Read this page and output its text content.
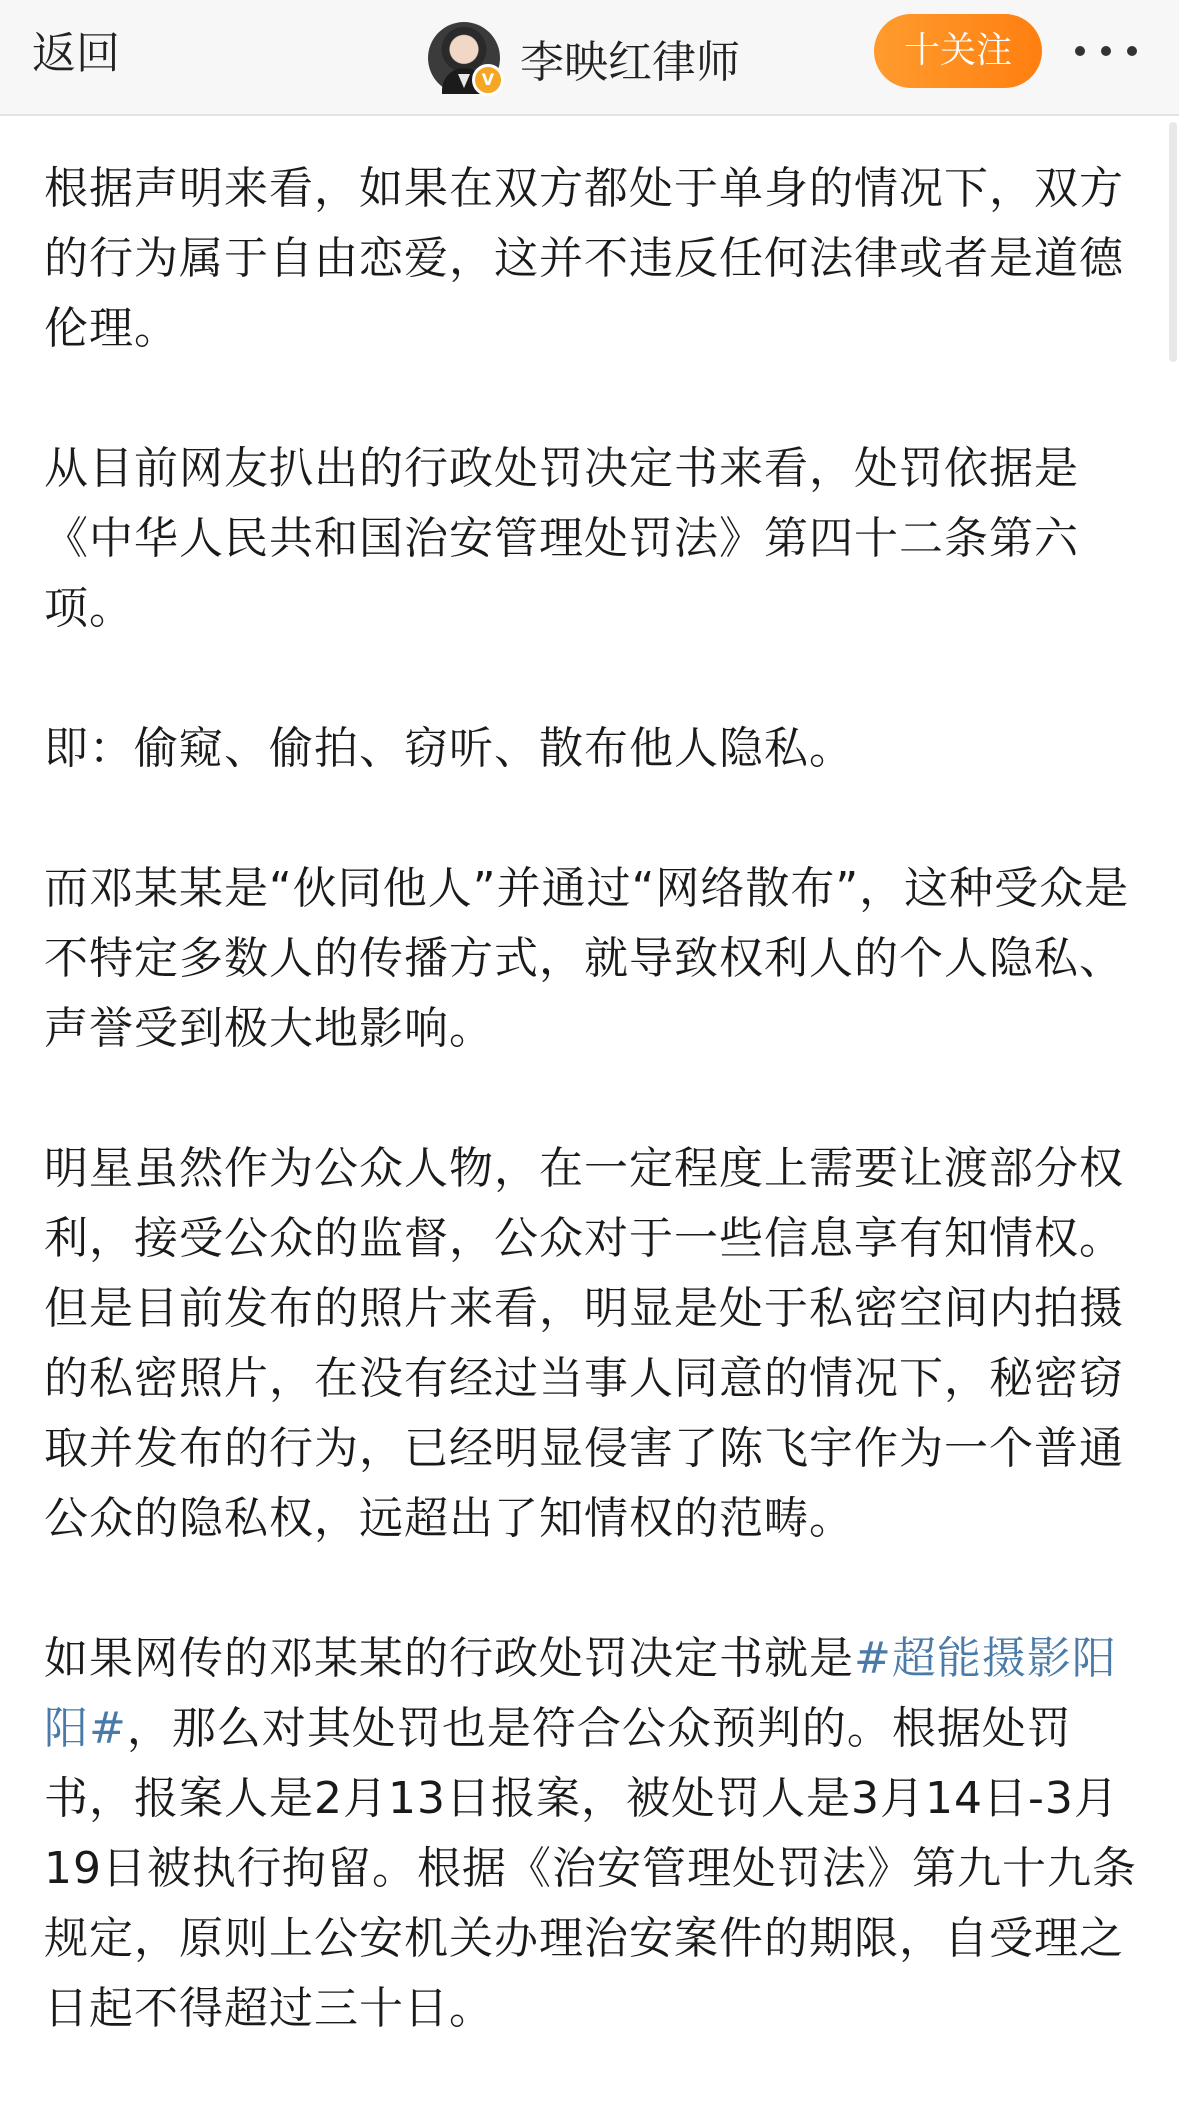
返回
V 李映红律师	十关注

根据声明来看，如果在双方都处于单身的情况下，双方的行为属于自由恋爱，这并不违反任何法律或者是道德伦理。

从目前网友扒出的行政处罚决定书来看，处罚依据是《中华人民共和国治安管理处罚法》第四十二条第六项。

即：偷窥、偷拍、窃听、散布他人隐私。

而邓某某是“伙同他人”并通过“网络散布”，这种受众是不特定多数人的传播方式，就导致权利人的个人隐私、声誉受到极大地影响。

明星虽然作为公众人物，在一定程度上需要让渡部分权利，接受公众的监督，公众对于一些信息享有知情权。但是目前发布的照片来看，明显是处于私密空间内拍摄的私密照片，在没有经过当事人同意的情况下，秘密窃取并发布的行为，已经明显侵害了陈飞宇作为一个普通公众的隐私权，远超出了知情权的范畴。

如果网传的邓某某的行政处罚决定书就是#超能摄影阳阳#，那么对其处罚也是符合公众预判的。根据处罚书，报案人是2月13日报案，被处罚人是3月14日-3月19日被执行拘留。根据《治安管理处罚法》第九十九条规定，原则上公安机关办理治安案件的期限，自受理之日起不得超过三十日。
